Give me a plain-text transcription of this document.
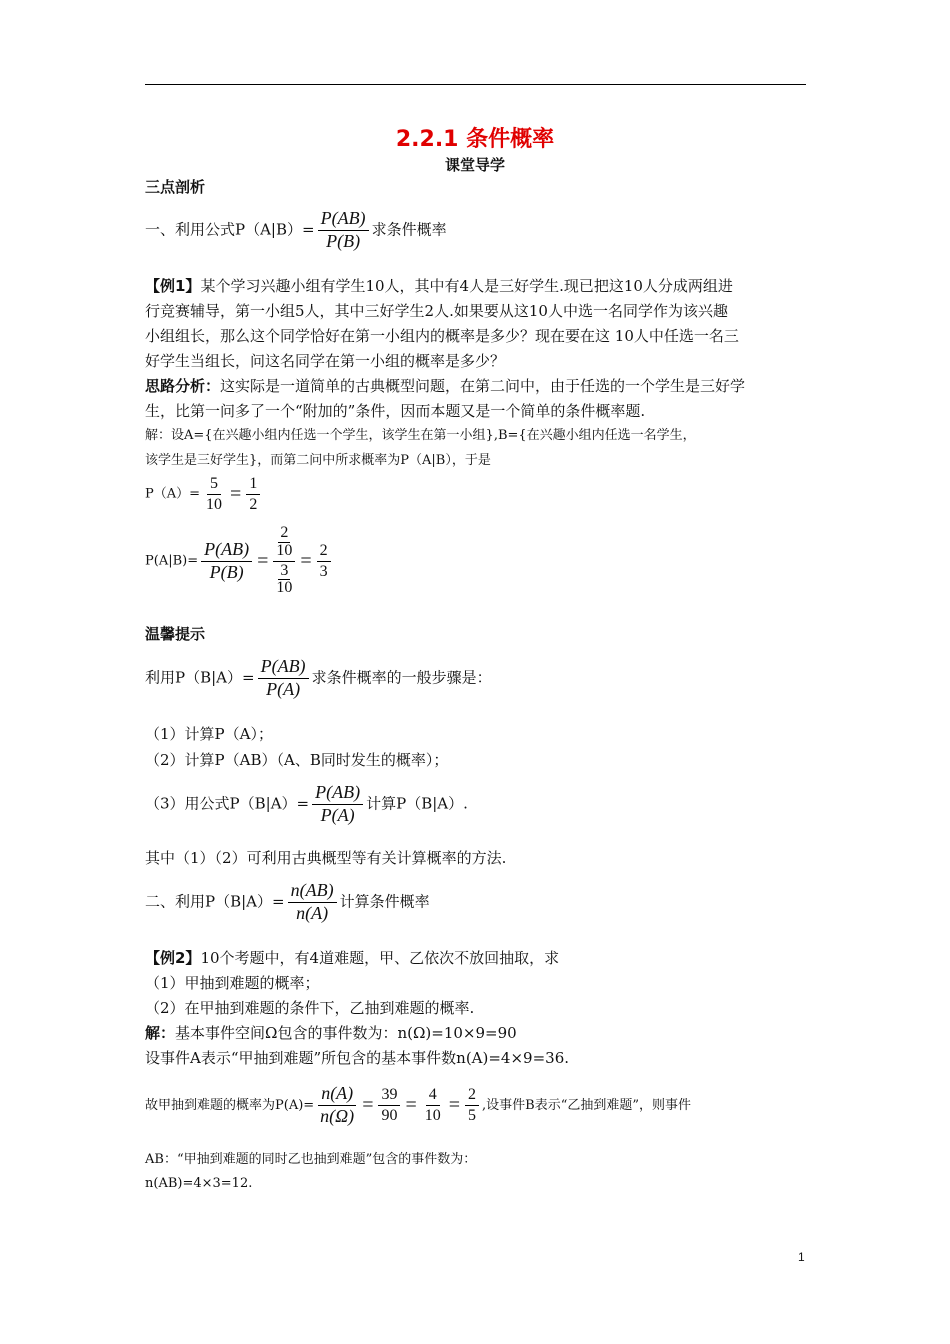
2.2.1 条件概率
课堂导学
三点剖析
一、利用公式$P(A|B)= \frac{P(AB)}{P(B)}$ 求条件概率
【例1】某个学习兴趣小组有学生10人，其中有4人是三好学生.现已把这10人分成两组进
行竞赛辅导，第一小组5人，其中三好学生2人.如果要从这10人中选一名同学作为该兴趣
小组组长，那么这个同学恰好在第一小组内的概率是多少？现在要在这 10人中任选一名三
好学生当组长，问这名同学在第一小组的概率是多少？
思路分析：这实际是一道简单的古典概型问题，在第二问中，由于任选的一个学生是三好学
生，比第一问多了一个“附加的”条件，因而本题又是一个简单的条件概率题.
解：设A={在兴趣小组内任选一个学生，该学生在第一小组},B={在兴趣小组内任选一名学生，
该学生是三好学生}，而第二问中所求概率为P（A|B），于是
$P(A)= \frac{5}{10} = \frac{1}{2}$
$P(A|B)= \frac{P(AB)}{P(B)} = 2$
10
3
$10 = \frac{2}{3}$
温馨提示
利用$P(B|A)= \frac{P(AB)}{P(A)}$ 求条件概率的一般步骤是：
（1）计算P（A）；
（2）计算P（AB）（A、B同时发生的概率）；
（3）用公式$P(B|A)= \frac{P(AB)}{P(A)}$ 计算P（B|A）.
其中（1）（2）可利用古典概型等有关计算概率的方法.
二、利用$P(B|A)= \frac{n(AB)}{n(A)}$ 计算条件概率
【例2】10个考题中，有4道难题，甲、乙依次不放回抽取，求
（1）甲抽到难题的概率；
（2）在甲抽到难题的条件下，乙抽到难题的概率.
解：基本事件空间Ω包含的事件数为：n(Ω)=10×9=90
设事件A表示“甲抽到难题”所包含的基本事件数n(A)=4×9=36.
故甲抽到难题的概率为$P(A)= \frac{n(A)}{n(\Omega)} = \frac{39}{90} = \frac{4}{10} = \frac{2}{5}$ ,设事件B表示“乙抽到难题”，则事件
AB：“甲抽到难题的同时乙也抽到难题”包含的事件数为：
n(AB)=4×3=12.
1
